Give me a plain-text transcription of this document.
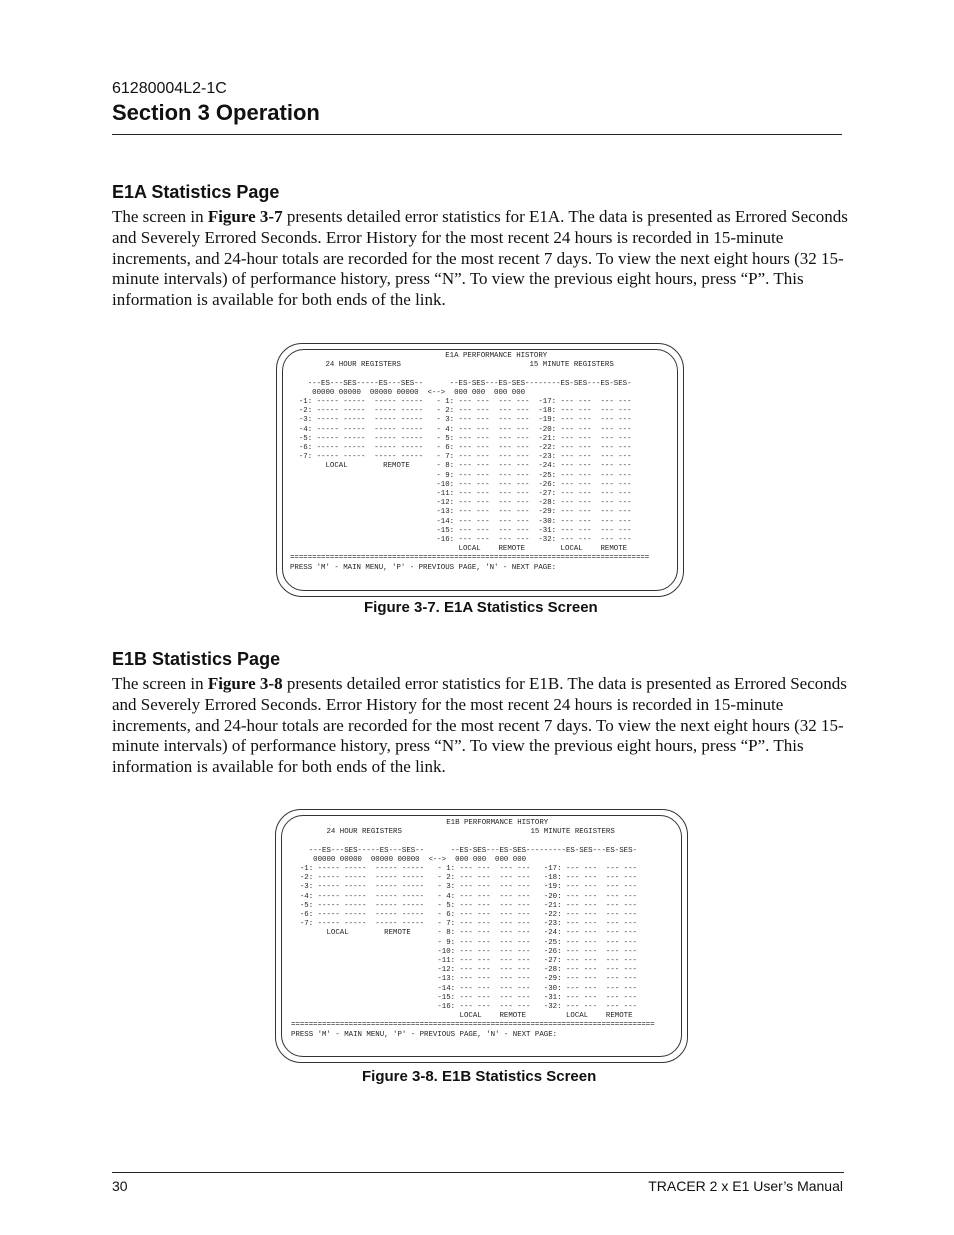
61280004L2-1C
Section 3 Operation
E1A Statistics Page

The screen in Figure 3-7 presents detailed error statistics for E1A. The data is presented as Errored Seconds and Severely Errored Seconds. Error History for the most recent 24 hours is recorded in 15-minute increments, and 24-hour totals are recorded for the most recent 7 days. To view the next eight hours (32 15-minute intervals) of performance history, press “N”. To view the previous eight hours, press “P”. This information is available for both ends of the link.

E1A PERFORMANCE HISTORY
24 HOUR REGISTERS                             15 MINUTE REGISTERS

---ES---SES-----ES---SES--      --ES-SES---ES-SES--------ES-SES---ES-SES-
00000 00000  00000 00000  <-->  000 000  000 000
-1: ----- -----  ----- -----   - 1: --- ---  --- ---  -17: --- ---  --- ---
-2: ----- -----  ----- -----   - 2: --- ---  --- ---  -18: --- ---  --- ---
-3: ----- -----  ----- -----   - 3: --- ---  --- ---  -19: --- ---  --- ---
-4: ----- -----  ----- -----   - 4: --- ---  --- ---  -20: --- ---  --- ---
-5: ----- -----  ----- -----   - 5: --- ---  --- ---  -21: --- ---  --- ---
-6: ----- -----  ----- -----   - 6: --- ---  --- ---  -22: --- ---  --- ---
-7: ----- -----  ----- -----   - 7: --- ---  --- ---  -23: --- ---  --- ---
LOCAL        REMOTE      - 8: --- ---  --- ---  -24: --- ---  --- ---
- 9: --- ---  --- ---  -25: --- ---  --- ---
-10: --- ---  --- ---  -26: --- ---  --- ---
-11: --- ---  --- ---  -27: --- ---  --- ---
-12: --- ---  --- ---  -28: --- ---  --- ---
-13: --- ---  --- ---  -29: --- ---  --- ---
-14: --- ---  --- ---  -30: --- ---  --- ---
-15: --- ---  --- ---  -31: --- ---  --- ---
-16: --- ---  --- ---  -32: --- ---  --- ---
LOCAL    REMOTE        LOCAL    REMOTE
=================================================================================
PRESS 'M' - MAIN MENU, 'P' - PREVIOUS PAGE, 'N' - NEXT PAGE:
Figure 3-7. E1A Statistics Screen
E1B Statistics Page

The screen in Figure 3-8 presents detailed error statistics for E1B. The data is presented as Errored Seconds and Severely Errored Seconds. Error History for the most recent 24 hours is recorded in 15-minute increments, and 24-hour totals are recorded for the most recent 7 days. To view the next eight hours (32 15-minute intervals) of performance history, press “N”. To view the previous eight hours, press “P”. This information is available for both ends of the link.

E1B PERFORMANCE HISTORY
24 HOUR REGISTERS                             15 MINUTE REGISTERS

---ES---SES-----ES---SES--      --ES-SES---ES-SES---------ES-SES---ES-SES-
00000 00000  00000 00000  <-->  000 000  000 000
-1: ----- -----  ----- -----   - 1: --- ---  --- ---   -17: --- ---  --- ---
-2: ----- -----  ----- -----   - 2: --- ---  --- ---   -18: --- ---  --- ---
-3: ----- -----  ----- -----   - 3: --- ---  --- ---   -19: --- ---  --- ---
-4: ----- -----  ----- -----   - 4: --- ---  --- ---   -20: --- ---  --- ---
-5: ----- -----  ----- -----   - 5: --- ---  --- ---   -21: --- ---  --- ---
-6: ----- -----  ----- -----   - 6: --- ---  --- ---   -22: --- ---  --- ---
-7: ----- -----  ----- -----   - 7: --- ---  --- ---   -23: --- ---  --- ---
LOCAL        REMOTE      - 8: --- ---  --- ---   -24: --- ---  --- ---
- 9: --- ---  --- ---   -25: --- ---  --- ---
-10: --- ---  --- ---   -26: --- ---  --- ---
-11: --- ---  --- ---   -27: --- ---  --- ---
-12: --- ---  --- ---   -28: --- ---  --- ---
-13: --- ---  --- ---   -29: --- ---  --- ---
-14: --- ---  --- ---   -30: --- ---  --- ---
-15: --- ---  --- ---   -31: --- ---  --- ---
-16: --- ---  --- ---   -32: --- ---  --- ---
LOCAL    REMOTE         LOCAL    REMOTE
==================================================================================
PRESS 'M' - MAIN MENU, 'P' - PREVIOUS PAGE, 'N' - NEXT PAGE:
Figure 3-8. E1B Statistics Screen
30	TRACER 2 x E1 User’s Manual
